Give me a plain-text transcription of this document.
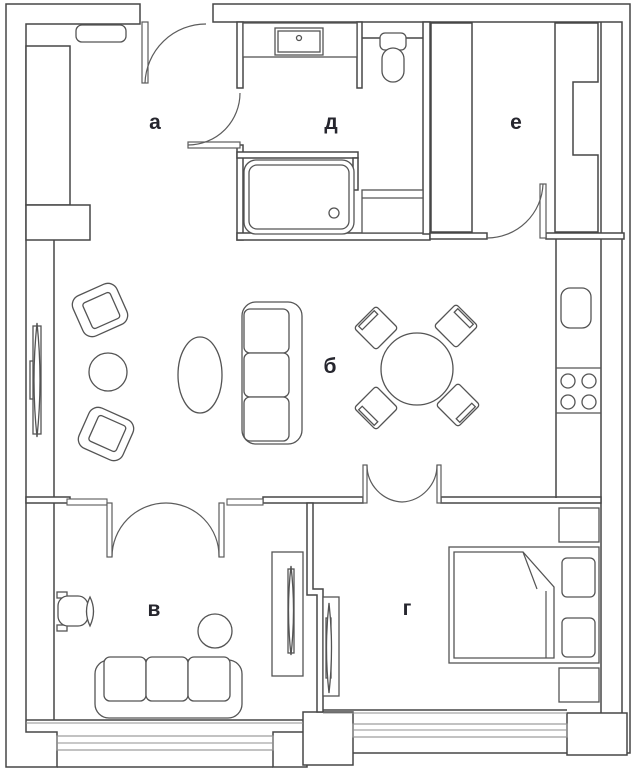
а	д	е
б
в	г
